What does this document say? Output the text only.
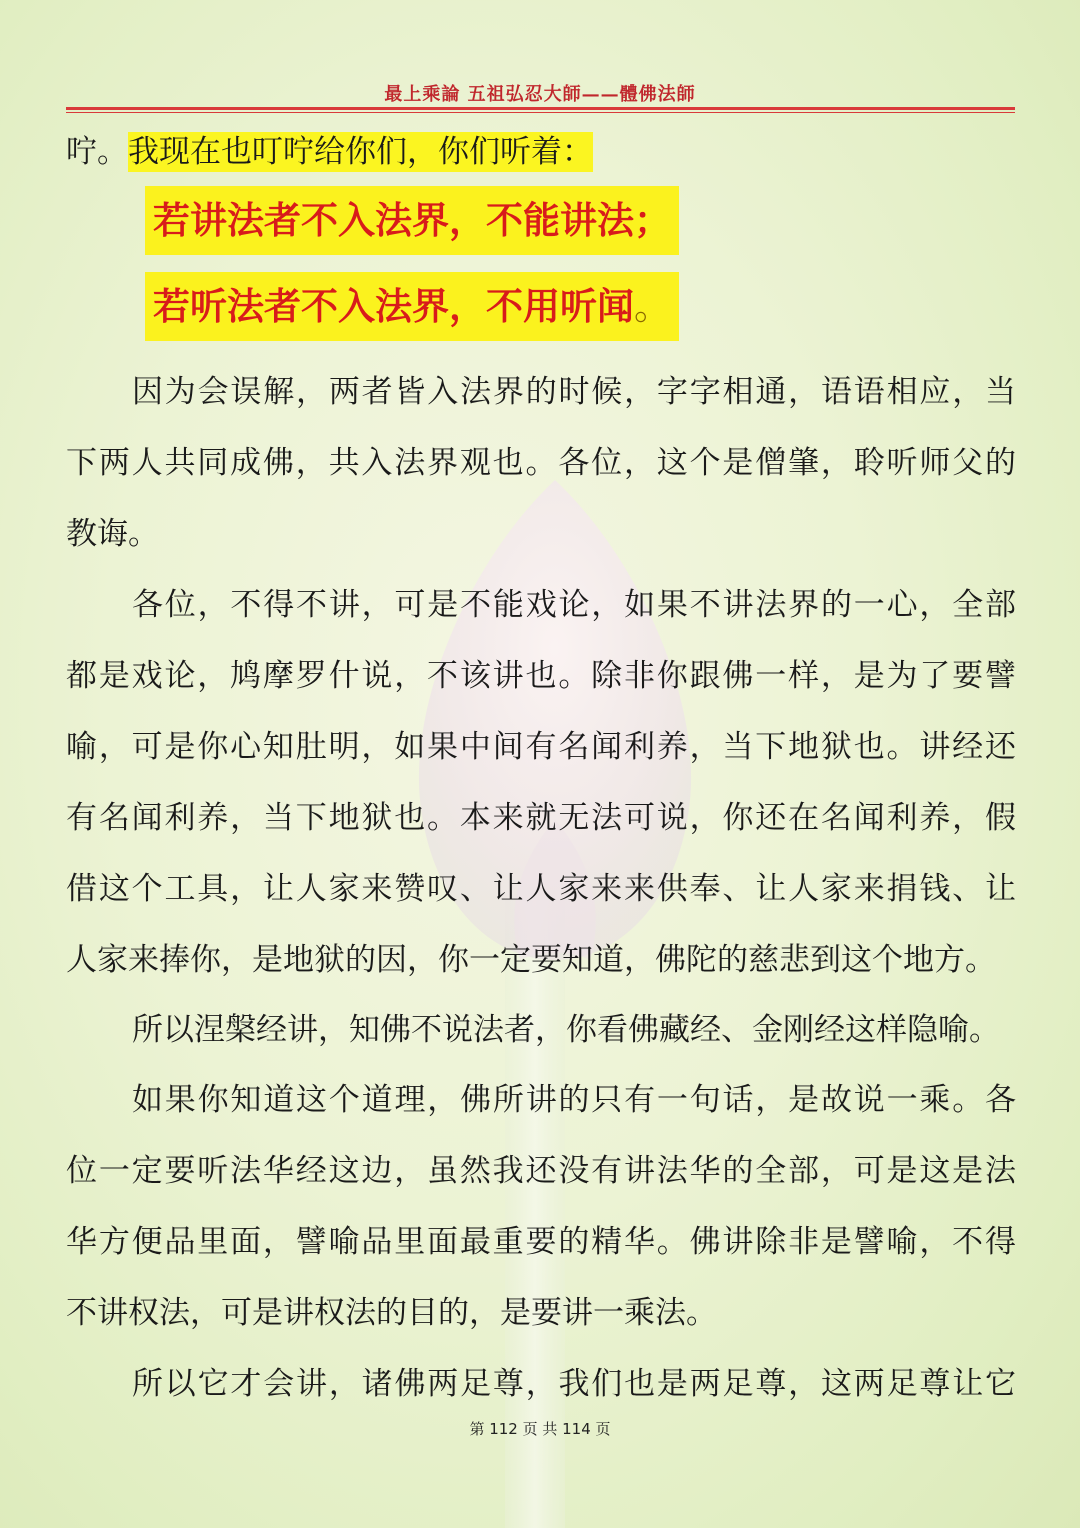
最上乘論 五祖弘忍大師——體佛法師
咛。我现在也叮咛给你们，你们听着：
若讲法者不入法界，不能讲法；
若听法者不入法界，不用听闻。
因为会误解，两者皆入法界的时候，字字相通，语语相应，当
下两人共同成佛，共入法界观也。各位，这个是僧肇，聆听师父的
教诲。
各位，不得不讲，可是不能戏论，如果不讲法界的一心，全部
都是戏论，鸠摩罗什说，不该讲也。除非你跟佛一样，是为了要譬
喻，可是你心知肚明，如果中间有名闻利养，当下地狱也。讲经还
有名闻利养，当下地狱也。本来就无法可说，你还在名闻利养，假
借这个工具，让人家来赞叹、让人家来来供奉、让人家来捐钱、让
人家来捧你，是地狱的因，你一定要知道，佛陀的慈悲到这个地方。
所以涅槃经讲，知佛不说法者，你看佛藏经、金刚经这样隐喻。
如果你知道这个道理，佛所讲的只有一句话，是故说一乘。各
位一定要听法华经这边，虽然我还没有讲法华的全部，可是这是法
华方便品里面，譬喻品里面最重要的精华。佛讲除非是譬喻，不得
不讲权法，可是讲权法的目的，是要讲一乘法。
所以它才会讲，诸佛两足尊，我们也是两足尊，这两足尊让它
第 112 页 共 114 页
